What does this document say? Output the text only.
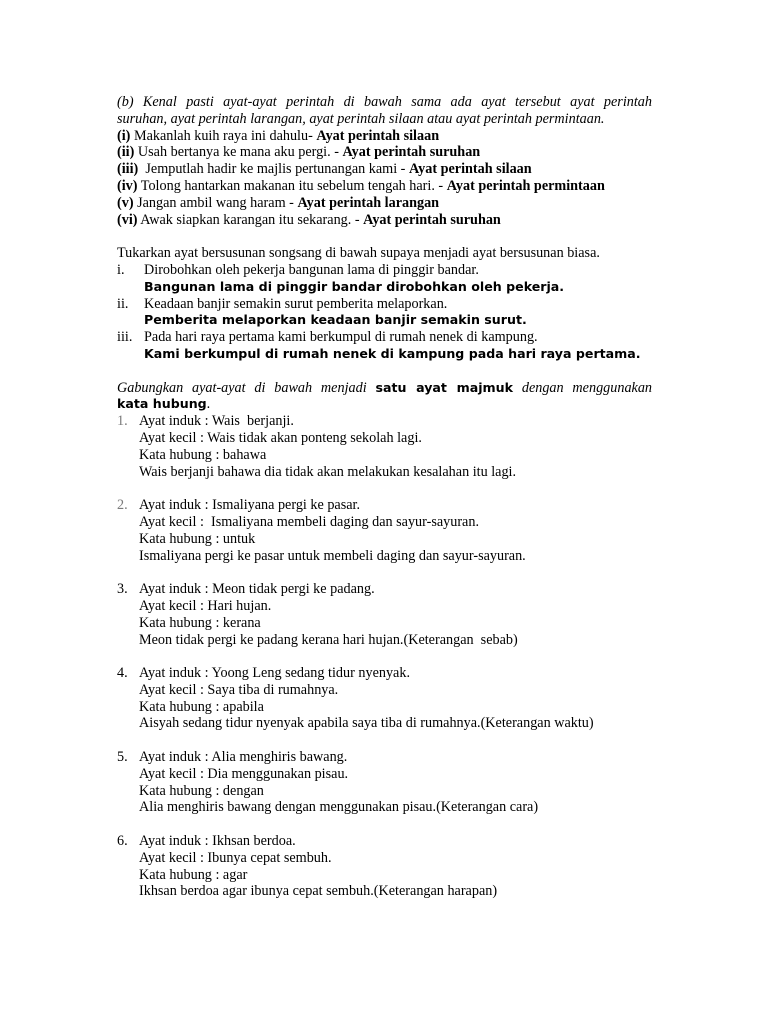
(b) Kenal pasti ayat-ayat perintah di bawah sama ada ayat tersebut ayat perintah
suruhan, ayat perintah larangan, ayat perintah silaan atau ayat perintah permintaan.
(i) Makanlah kuih raya ini dahulu- Ayat perintah silaan
(ii) Usah bertanya ke mana aku pergi. - Ayat perintah suruhan
(iii)  Jemputlah hadir ke majlis pertunangan kami - Ayat perintah silaan
(iv) Tolong hantarkan makanan itu sebelum tengah hari. - Ayat perintah permintaan
(v) Jangan ambil wang haram - Ayat perintah larangan
(vi) Awak siapkan karangan itu sekarang. - Ayat perintah suruhan
Tukarkan ayat bersusunan songsang di bawah supaya menjadi ayat bersusunan biasa.
i. Dirobohkan oleh pekerja bangunan lama di pinggir bandar.
Bangunan lama di pinggir bandar dirobohkan oleh pekerja.
ii. Keadaan banjir semakin surut pemberita melaporkan.
Pemberita melaporkan keadaan banjir semakin surut.
iii. Pada hari raya pertama kami berkumpul di rumah nenek di kampung.
Kami berkumpul di rumah nenek di kampung pada hari raya pertama.
Gabungkan ayat-ayat di bawah menjadi satu ayat majmuk dengan menggunakan
kata hubung.
1. Ayat induk : Wais  berjanji.
Ayat kecil : Wais tidak akan ponteng sekolah lagi.
Kata hubung : bahawa
Wais berjanji bahawa dia tidak akan melakukan kesalahan itu lagi.
2. Ayat induk : Ismaliyana pergi ke pasar.
Ayat kecil :  Ismaliyana membeli daging dan sayur-sayuran.
Kata hubung : untuk
Ismaliyana pergi ke pasar untuk membeli daging dan sayur-sayuran.
3. Ayat induk : Meon tidak pergi ke padang.
Ayat kecil : Hari hujan.
Kata hubung : kerana
Meon tidak pergi ke padang kerana hari hujan.(Keterangan  sebab)
4. Ayat induk : Yoong Leng sedang tidur nyenyak.
Ayat kecil : Saya tiba di rumahnya.
Kata hubung : apabila
Aisyah sedang tidur nyenyak apabila saya tiba di rumahnya.(Keterangan waktu)
5. Ayat induk : Alia menghiris bawang.
Ayat kecil : Dia menggunakan pisau.
Kata hubung : dengan
Alia menghiris bawang dengan menggunakan pisau.(Keterangan cara)
6. Ayat induk : Ikhsan berdoa.
Ayat kecil : Ibunya cepat sembuh.
Kata hubung : agar
Ikhsan berdoa agar ibunya cepat sembuh.(Keterangan harapan)
